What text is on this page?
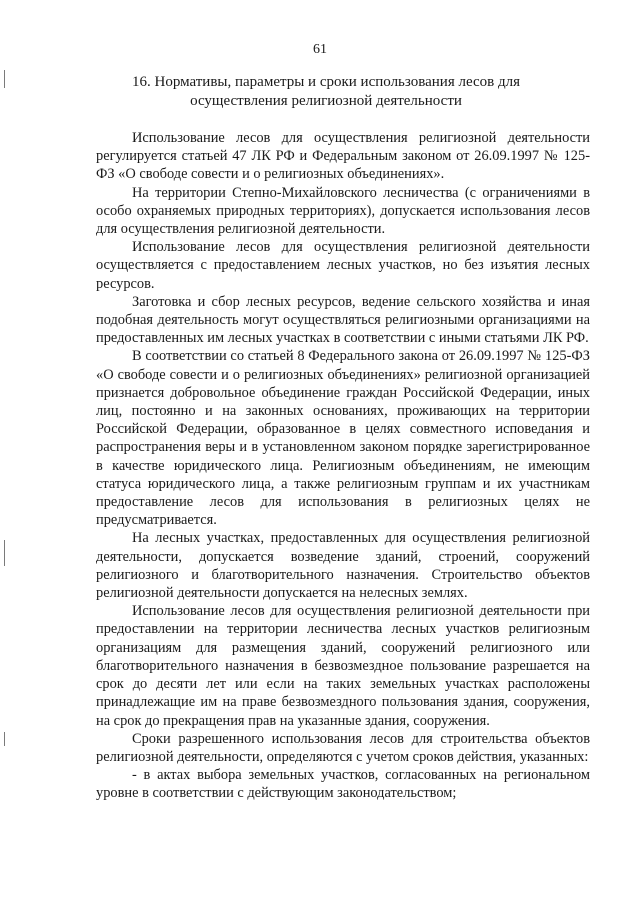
61
16. Нормативы, параметры и сроки использования лесов для
осуществления религиозной деятельности

Использование лесов для осуществления религиозной деятельности регулируется статьей 47 ЛК РФ и Федеральным законом от 26.09.1997 № 125-ФЗ «О свободе совести и о религиозных объединениях».

На территории Степно-Михайловского лесничества (с ограничениями в особо охраняемых природных территориях), допускается использования лесов для осуществления религиозной деятельности.

Использование лесов для осуществления религиозной деятельности осуществляется с предоставлением лесных участков, но без изъятия лесных ресурсов.

Заготовка и сбор лесных ресурсов, ведение сельского хозяйства и иная подобная деятельность могут осуществляться религиозными организациями на предоставленных им лесных участках в соответствии с иными статьями ЛК РФ.

В соответствии со статьей 8 Федерального закона от 26.09.1997 № 125-ФЗ «О свободе совести и о религиозных объединениях» религиозной организацией признается добровольное объединение граждан Российской Федерации, иных лиц, постоянно и на законных основаниях, проживающих на территории Российской Федерации, образованное в целях совместного исповедания и распространения веры и в установленном законом порядке зарегистрированное в качестве юридического лица. Религиозным объединениям, не имеющим статуса юридического лица, а также религиозным группам и их участникам предоставление лесов для использования в религиозных целях не предусматривается.

На лесных участках, предоставленных для осуществления религиозной деятельности, допускается возведение зданий, строений, сооружений религиозного и благотворительного назначения. Строительство объектов религиозной деятельности допускается на нелесных землях.

Использование лесов для осуществления религиозной деятельности при предоставлении на территории лесничества лесных участков религиозным организациям для размещения зданий, сооружений религиозного или благотворительного назначения в безвозмездное пользование разрешается на срок до десяти лет или если на таких земельных участках расположены принадлежащие им на праве безвозмездного пользования здания, сооружения, на срок до прекращения прав на указанные здания, сооружения.

Сроки разрешенного использования лесов для строительства объектов религиозной деятельности, определяются с учетом сроков действия, указанных:

- в актах выбора земельных участков, согласованных на региональном уровне в соответствии с действующим законодательством;
